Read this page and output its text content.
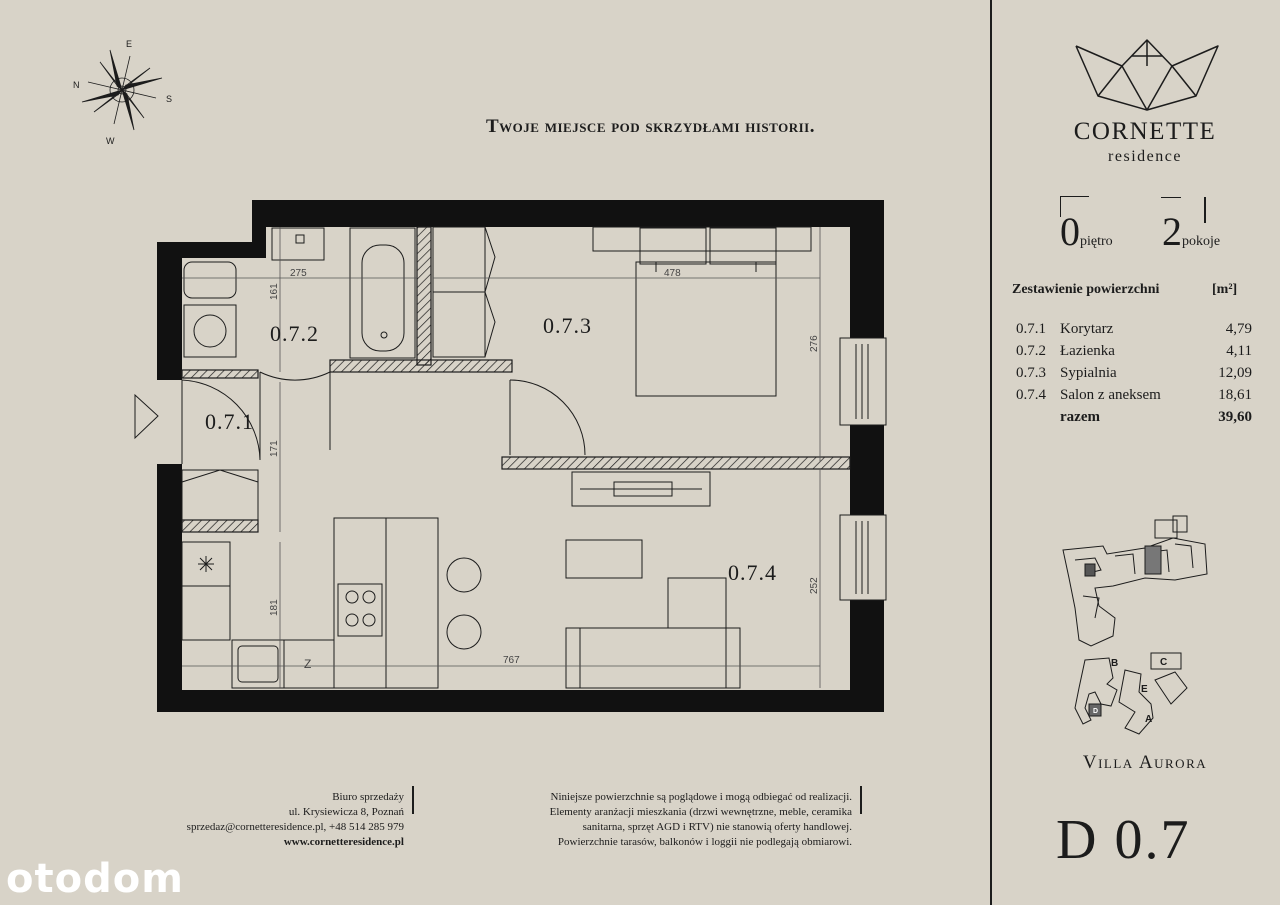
N
E
S
W
Twoje miejsce pod skrzydłami historii.
275	478
767
161
171
181
276
252
Z
0.7.1
0.7.2	0.7.3
0.7.4
CORNETTE
residence
0piętro 2pokoje
Zestawienie powierzchni	[m²]
0.7.1	Korytarz	4,79
0.7.2	Łazienka	4,11
0.7.3	Sypialnia	12,09
0.7.4	Salon z aneksem	18,61
	razem	39,60
B	C
E
A
D
Villa Aurora
D 0.7
Biuro sprzedaży
ul. Krysiewicza 8, Poznań
sprzedaz@cornetteresidence.pl, +48 514 285 979
www.cornetteresidence.pl
Niniejsze powierzchnie są poglądowe i mogą odbiegać od realizacji.
Elementy aranżacji mieszkania (drzwi wewnętrzne, meble, ceramika
sanitarna, sprzęt AGD i RTV) nie stanowią oferty handlowej.
Powierzchnie tarasów, balkonów i loggii nie podlegają obmiarowi.
otodom
